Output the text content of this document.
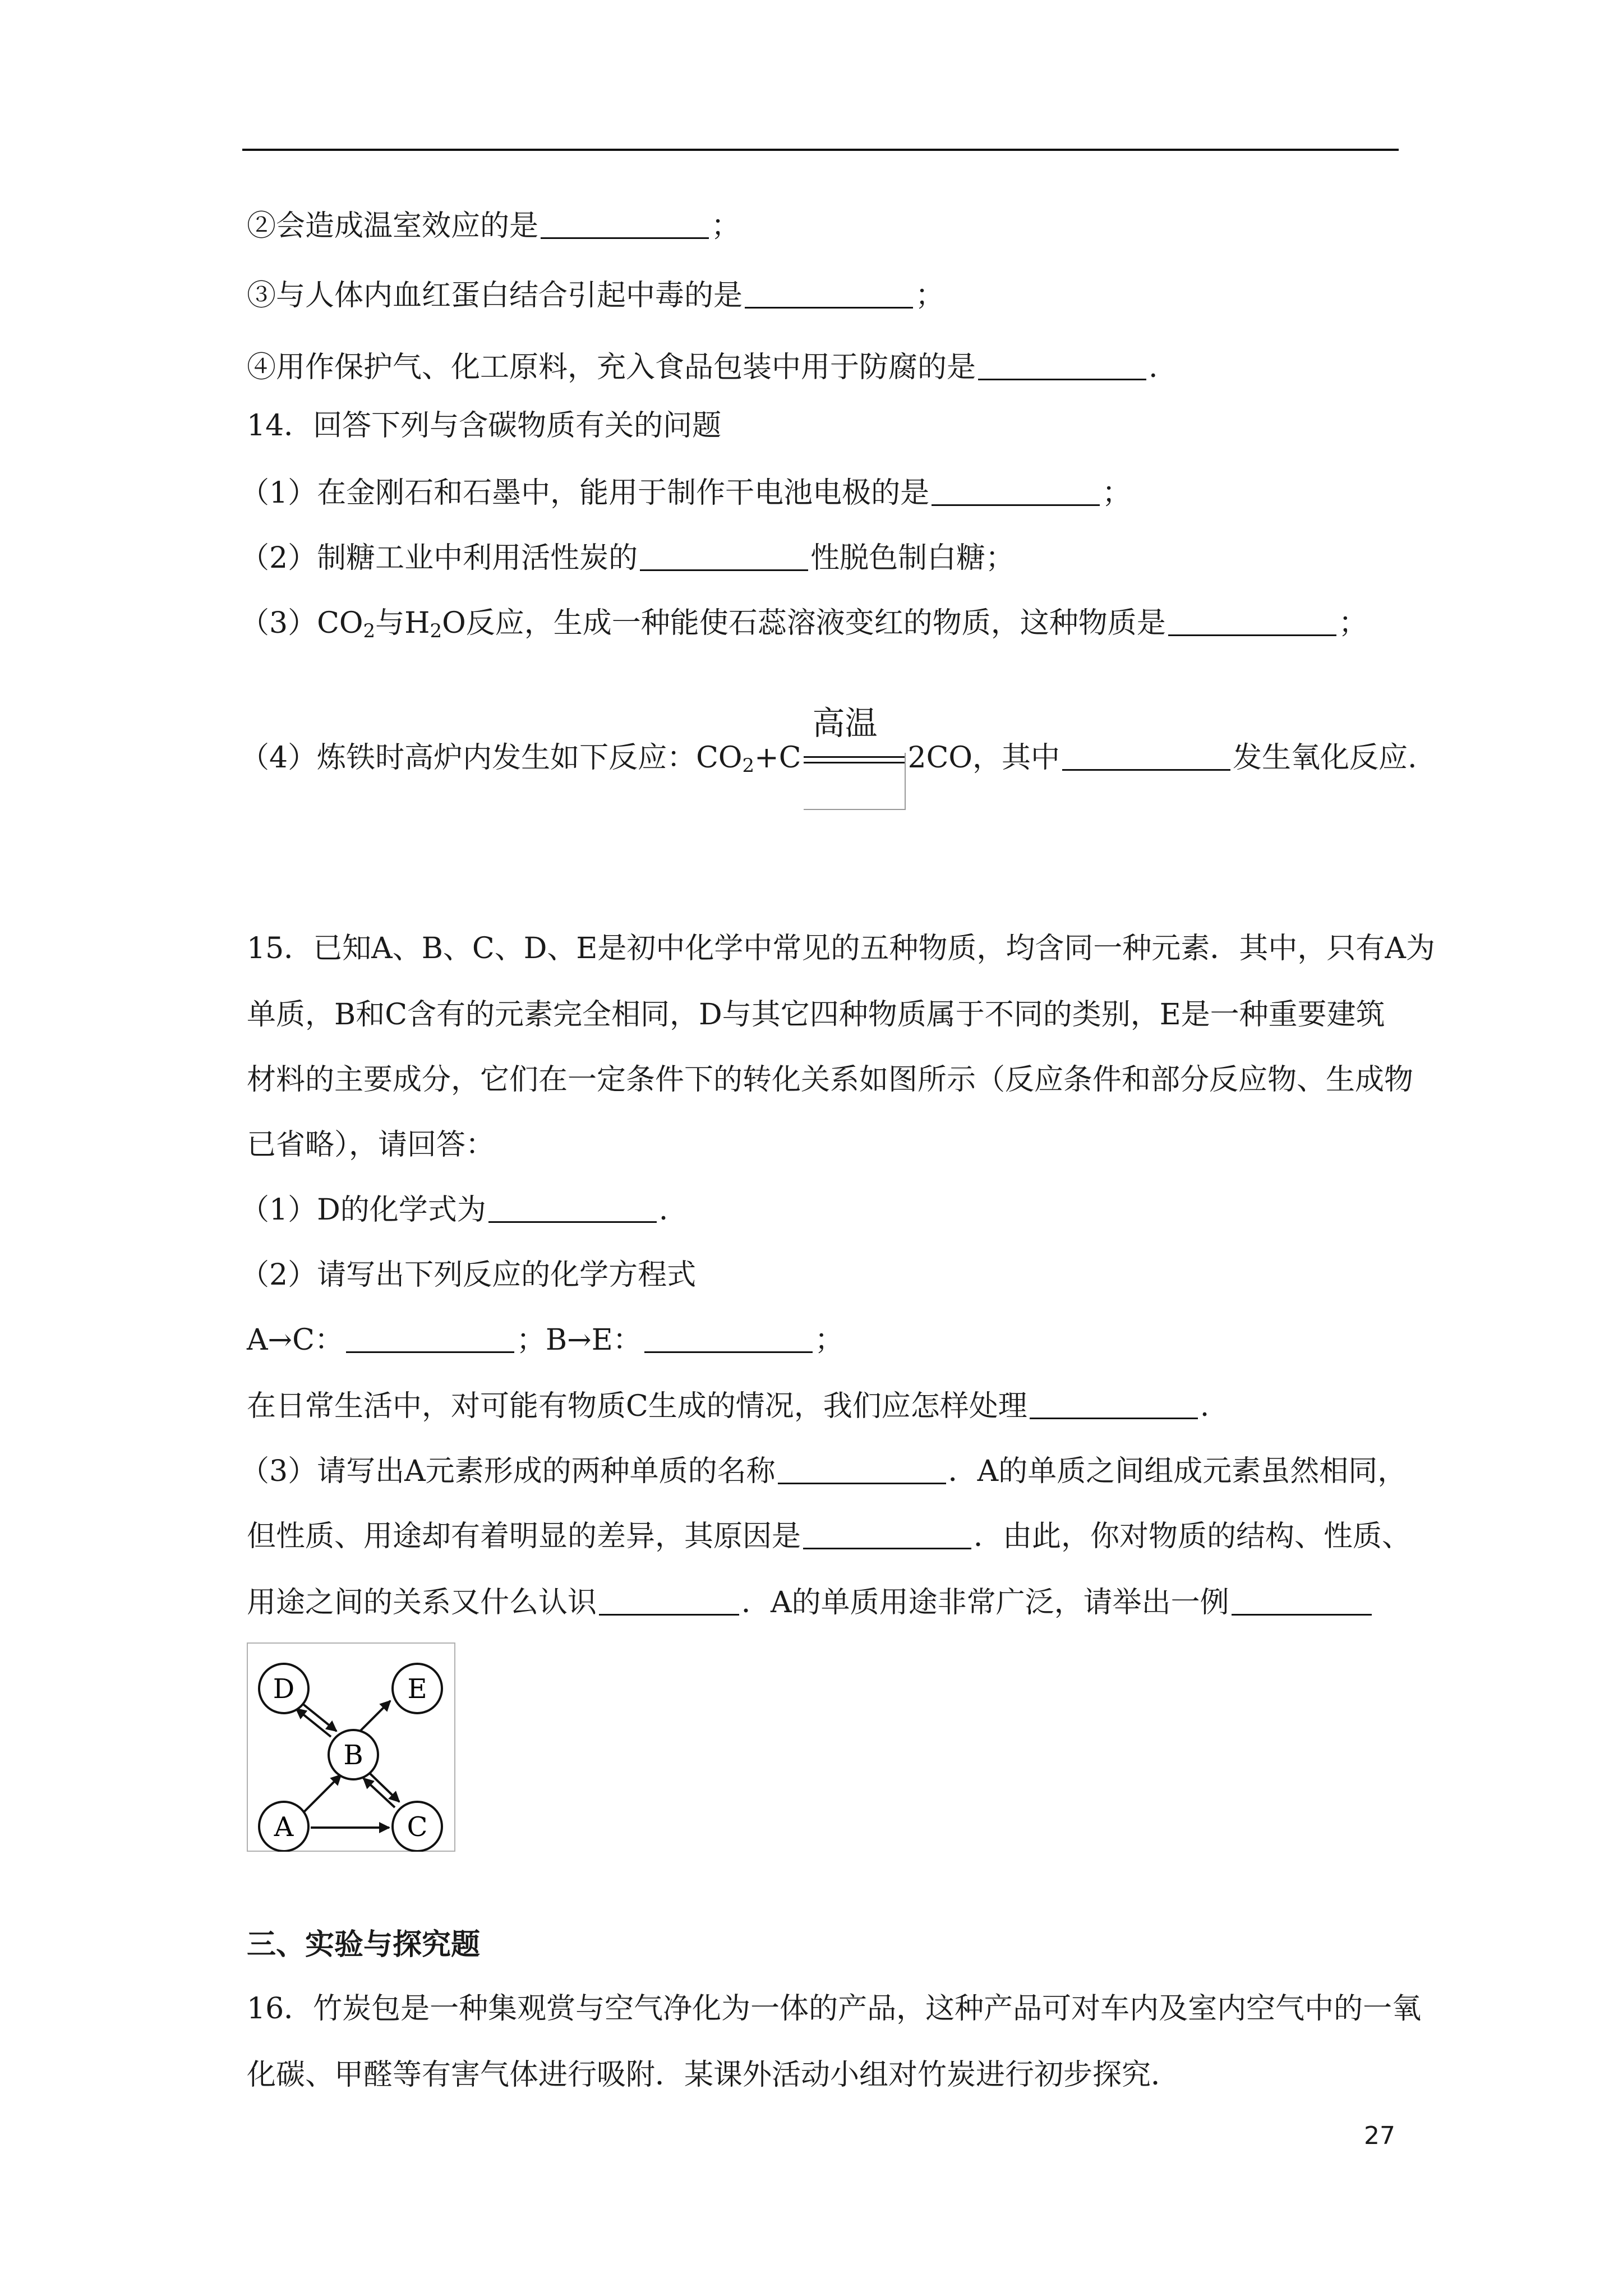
②会造成温室效应的是	；
③与人体内血红蛋白结合引起中毒的是	；
④用作保护气、化工原料，充入食品包装中用于防腐的是	.
14．回答下列与含碳物质有关的问题
（1）在金刚石和石墨中，能用于制作干电池电极的是	；
（2）制糖工业中利用活性炭的	性脱色制白糖；
$(3)CO_2$与$H_2O$反应，生成一种能使石蕊溶液变红的物质，这种物质是	；
（4）炼铁时高炉内发生如下反应：$CO_2+C$
高温
2CO，其中	发生氧化反应.
15．已知A、B、C、D、E是初中化学中常见的五种物质，均含同一种元素．其中，只有A为
单质，B和C含有的元素完全相同，D与其它四种物质属于不同的类别，E是一种重要建筑
材料的主要成分，它们在一定条件下的转化关系如图所示（反应条件和部分反应物、生成物
已省略），请回答：
（1）D的化学式为	.
（2）请写出下列反应的化学方程式
A→C：	；B→E：	；
在日常生活中，对可能有物质C生成的情况，我们应怎样处理	.
（3）请写出A元素形成的两种单质的名称	．A的单质之间组成元素虽然相同，
但性质、用途却有着明显的差异，其原因是	．由此，你对物质的结构、性质、
用途之间的关系又什么认识	．A的单质用途非常广泛，请举出一例
D	E
B
A	C
三、实验与探究题
16．竹炭包是一种集观赏与空气净化为一体的产品，这种产品可对车内及室内空气中的一氧
化碳、甲醛等有害气体进行吸附．某课外活动小组对竹炭进行初步探究．
27
